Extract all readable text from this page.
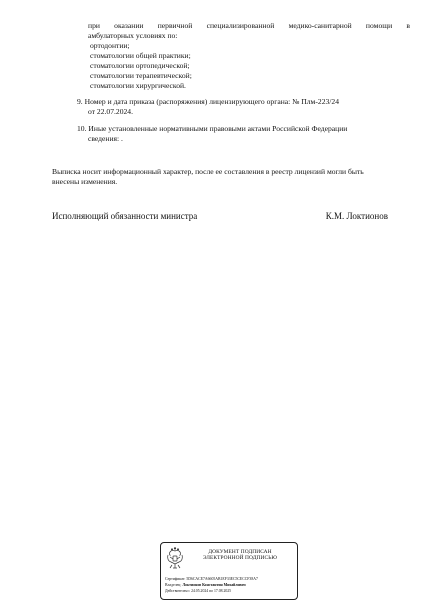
при оказании первичной специализированной медико-санитарной помощи в
амбулаторных условиях по:
ортодонтии;
стоматологии общей практики;
стоматологии ортопедической;
стоматологии терапевтической;
стоматологии хирургической.
9. Номер и дата приказа (распоряжения) лицензирующего органа: № Плм-223/24
от 22.07.2024.
10. Иные установленные нормативными правовыми актами Российской Федерации
сведения: .
Выписка носит информационный характер, после ее составления в реестр лицензий могли быть
внесены изменения.
Исполняющий обязанности министра	К.М. Локтионов
ДОКУМЕНТ ПОДПИСАН
ЭЛЕКТРОННОЙ ПОДПИСЬЮ
Сертификат: 5D6CACE7A6605AB1EF33EC5CECCF38A7
Владелец: Локтионов Константин Михайлович
Действителен с 24.05.2024 по 17.08.2025
